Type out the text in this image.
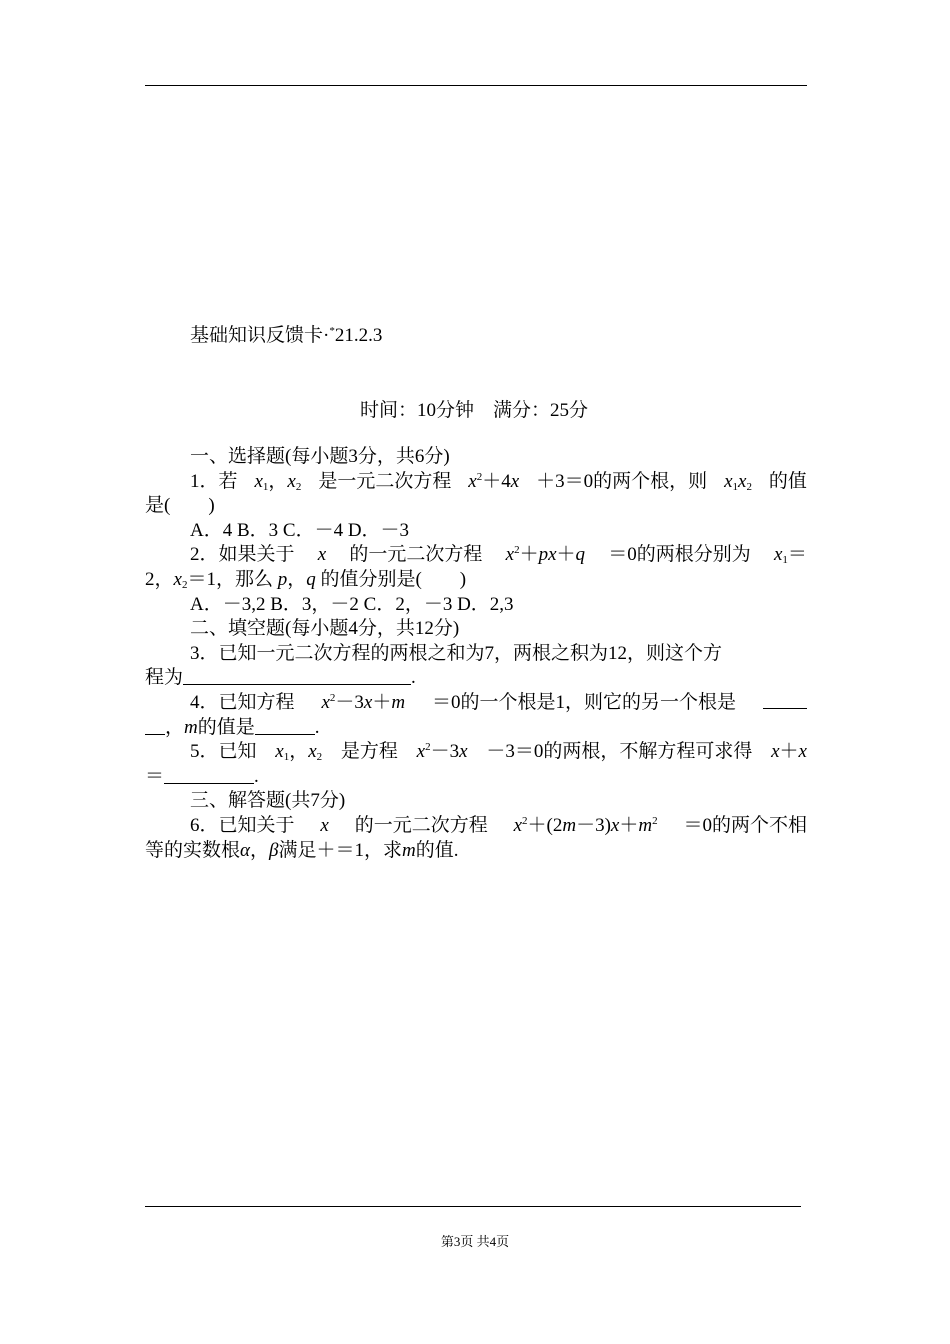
基础知识反馈卡·*21.2.3
时间：10分钟 满分：25分
一、选择题(每小题3分，共6分)
1．若 $x_1$，$x_2$ 是一元二次方程 $x^2+4x +3=0$的两个根，则 $x_1x_2$ 的值
是(　　)
A．4 B．3 C．－4 D．－3
2．如果关于 x 的一元二次方程 $x^2+px+q =0$的两根分别为 $x_1=$
2，$x_2=1$，那么 p，q 的值分别是(　　)
A．－3,2 B．3，－2 C．2，－3 D．2,3
二、填空题(每小题4分，共12分)
3．已知一元二次方程的两根之和为7，两根之积为12，则这个方
程为	.
4．已知方程 $x^2-3x+m =0$的一个根是1，则它的另一个根是
，m的值是	.
5．已知 $x_1$，$x_2$ 是方程 $x^2-3x -3=0$的两根，不解方程可求得 x＋x
＝	.
三、解答题(共7分)
6．已知关于 x 的一元二次方程 $x^2+(2m-3)x+m^2 =0$的两个不相
等的实数根α，β满足＋＝1，求m的值.
第3页 共4页
